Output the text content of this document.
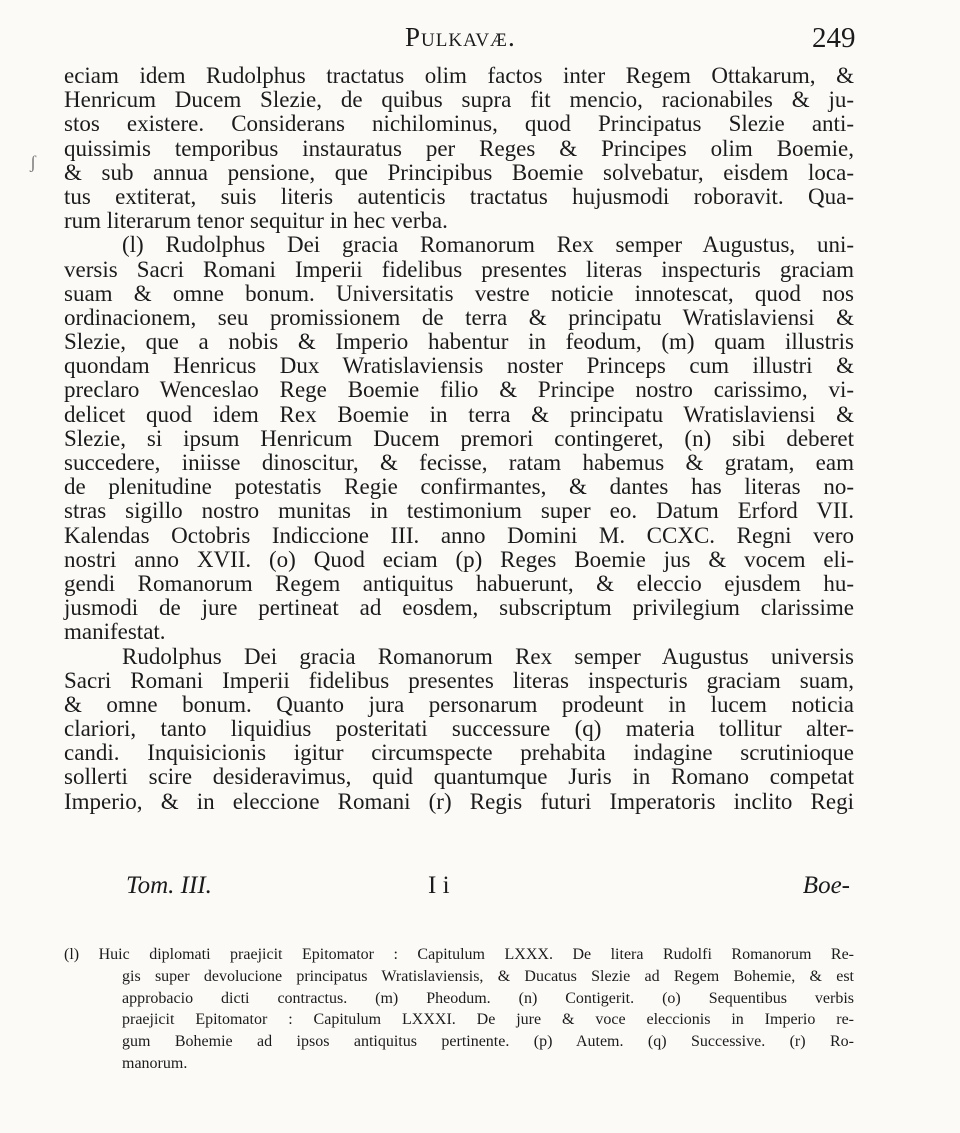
Pulkavæ.	249
ʃ
eciam idem Rudolphus tractatus olim factos inter Regem Ottakarum, &
Henricum Ducem Slezie, de quibus supra fit mencio, racionabiles & ju-
stos existere. Considerans nichilominus, quod Principatus Slezie anti-
quissimis temporibus instauratus per Reges & Principes olim Boemie,
& sub annua pensione, que Principibus Boemie solvebatur, eisdem loca-
tus extiterat, suis literis autenticis tractatus hujusmodi roboravit. Qua-
rum literarum tenor sequitur in hec verba.
(l) Rudolphus Dei gracia Romanorum Rex semper Augustus, uni-
versis Sacri Romani Imperii fidelibus presentes literas inspecturis graciam
suam & omne bonum. Universitatis vestre noticie innotescat, quod nos
ordinacionem, seu promissionem de terra & principatu Wratislaviensi &
Slezie, que a nobis & Imperio habentur in feodum, (m) quam illustris
quondam Henricus Dux Wratislaviensis noster Princeps cum illustri &
preclaro Wenceslao Rege Boemie filio & Principe nostro carissimo, vi-
delicet quod idem Rex Boemie in terra & principatu Wratislaviensi &
Slezie, si ipsum Henricum Ducem premori contingeret, (n) sibi deberet
succedere, iniisse dinoscitur, & fecisse, ratam habemus & gratam, eam
de plenitudine potestatis Regie confirmantes, & dantes has literas no-
stras sigillo nostro munitas in testimonium super eo. Datum Erford VII.
Kalendas Octobris Indiccione III. anno Domini M. CCXC. Regni vero
nostri anno XVII. (o) Quod eciam (p) Reges Boemie jus & vocem eli-
gendi Romanorum Regem antiquitus habuerunt, & eleccio ejusdem hu-
jusmodi de jure pertineat ad eosdem, subscriptum privilegium clarissime
manifestat.
Rudolphus Dei gracia Romanorum Rex semper Augustus universis
Sacri Romani Imperii fidelibus presentes literas inspecturis graciam suam,
& omne bonum. Quanto jura personarum prodeunt in lucem noticia
clariori, tanto liquidius posteritati successure (q) materia tollitur alter-
candi. Inquisicionis igitur circumspecte prehabita indagine scrutinioque
sollerti scire desideravimus, quid quantumque Juris in Romano competat
Imperio, & in eleccione Romani (r) Regis futuri Imperatoris inclito Regi
Tom. III.	I i	Boe-
(l) Huic diplomati praejicit Epitomator : Capitulum LXXX. De litera Rudolfi Romanorum Re-
gis super devolucione principatus Wratislaviensis, & Ducatus Slezie ad Regem Bohemie, & est
approbacio dicti contractus. (m) Pheodum. (n) Contigerit. (o) Sequentibus verbis
praejicit Epitomator : Capitulum LXXXI. De jure & voce eleccionis in Imperio re-
gum Bohemie ad ipsos antiquitus pertinente. (p) Autem. (q) Successive. (r) Ro-
manorum.
